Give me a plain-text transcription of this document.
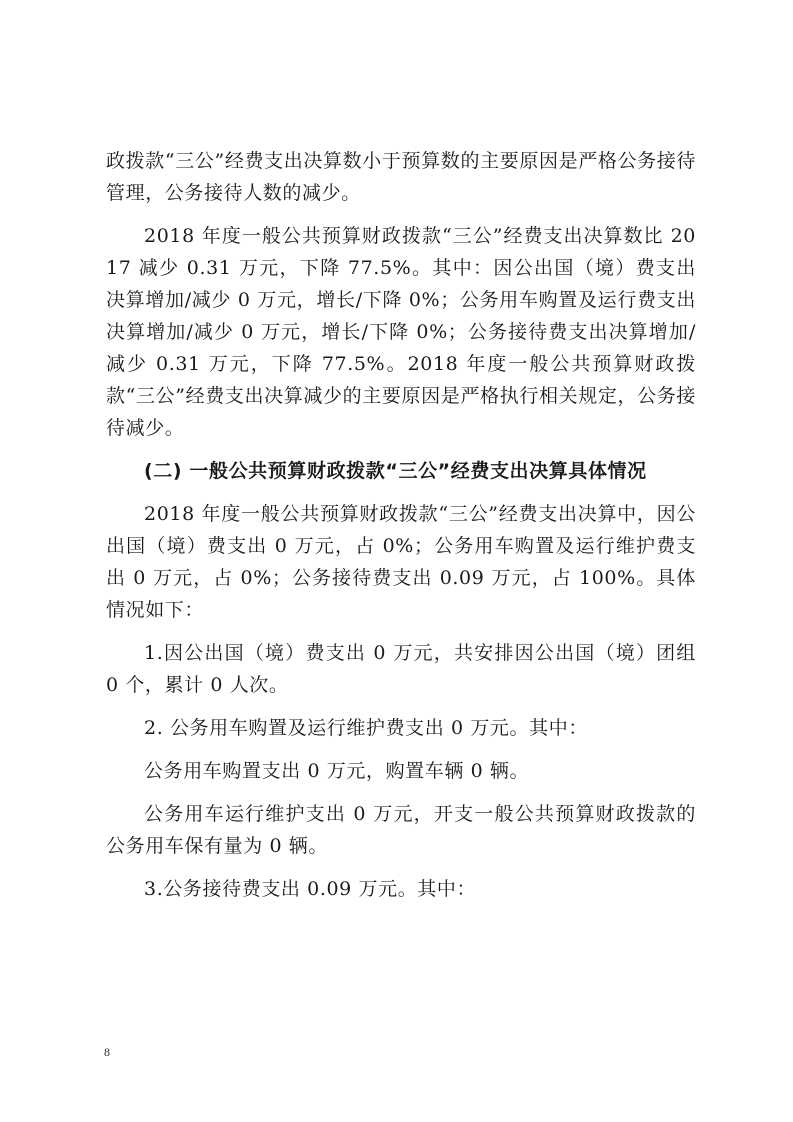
政拨款“三公”经费支出决算数小于预算数的主要原因是严格公务接待管理，公务接待人数的减少。

2018 年度一般公共预算财政拨款“三公”经费支出决算数比 2017 减少 0.31 万元，下降 77.5%。其中：因公出国（境）费支出决算增加/减少 0 万元，增长/下降 0%；公务用车购置及运行费支出决算增加/减少 0 万元，增长/下降 0%；公务接待费支出决算增加/减少 0.31 万元，下降 77.5%。2018 年度一般公共预算财政拨款“三公”经费支出决算减少的主要原因是严格执行相关规定，公务接待减少。

(二) 一般公共预算财政拨款“三公”经费支出决算具体情况

2018 年度一般公共预算财政拨款“三公”经费支出决算中，因公出国（境）费支出 0 万元，占 0%；公务用车购置及运行维护费支出 0 万元，占 0%；公务接待费支出 0.09 万元，占 100%。具体情况如下：

1.因公出国（境）费支出 0 万元，共安排因公出国（境）团组 0 个，累计 0 人次。

2. 公务用车购置及运行维护费支出 0 万元。其中：

公务用车购置支出 0 万元，购置车辆 0 辆。

公务用车运行维护支出 0 万元，开支一般公共预算财政拨款的公务用车保有量为 0 辆。

3.公务接待费支出 0.09 万元。其中：

8
